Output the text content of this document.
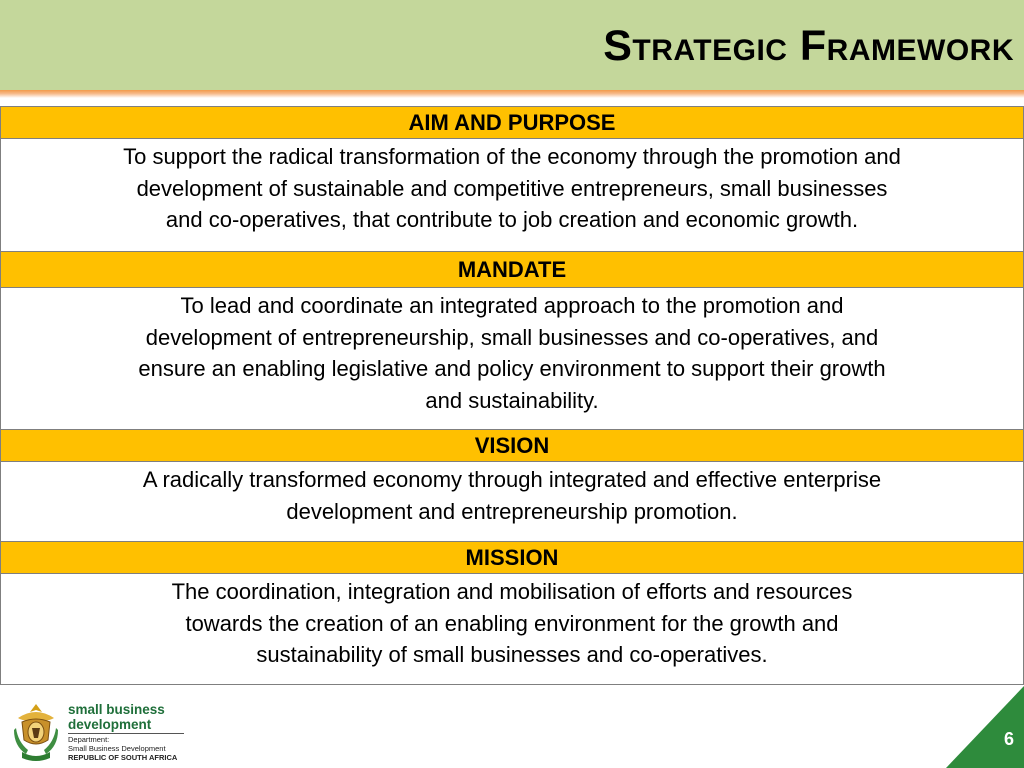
Strategic Framework
AIM AND PURPOSE
To support the radical transformation of the economy through the promotion and
development of sustainable and competitive entrepreneurs, small businesses
and co-operatives, that contribute to job creation and economic growth.
MANDATE
To lead and coordinate an integrated approach to the promotion and
development of entrepreneurship, small businesses and co-operatives, and
ensure an enabling legislative and policy environment to support their growth
and sustainability.
VISION
A radically transformed economy through integrated and effective enterprise
development and entrepreneurship promotion.
MISSION
The coordination, integration and mobilisation of efforts and resources
towards the creation of an enabling environment for the growth and
sustainability of small businesses and co-operatives.
small business
development
Department:
Small Business Development
REPUBLIC OF SOUTH AFRICA
6
